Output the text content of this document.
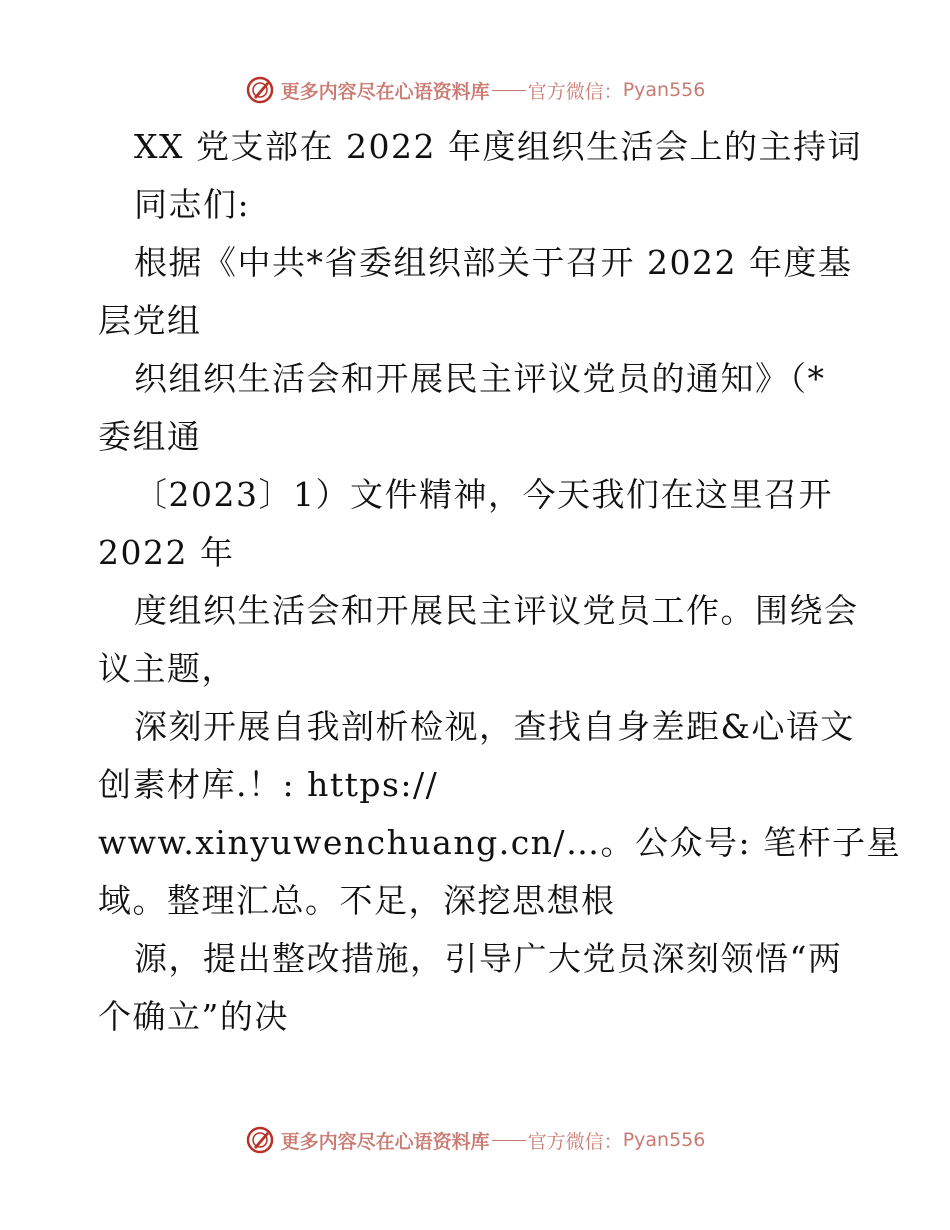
更多内容尽在心语资料库 官方微信： Pyan556
XX 党支部在 2022 年度组织生活会上的主持词
同志们:
根据《中共*省委组织部关于召开 2022 年度基
层党组
织组织生活会和开展民主评议党员的通知》（*
委组通
〔2023〕1）文件精神，今天我们在这里召开
2022 年
度组织生活会和开展民主评议党员工作。围绕会
议主题，
深刻开展自我剖析检视，查找自身差距&心语文
创素材库.！: https://
www.xinyuwenchuang.cn/…。公众号: 笔杆子星
域。整理汇总。不足，深挖思想根
源，提出整改措施，引导广大党员深刻领悟“两
个确立”的决
更多内容尽在心语资料库 官方微信： Pyan556
